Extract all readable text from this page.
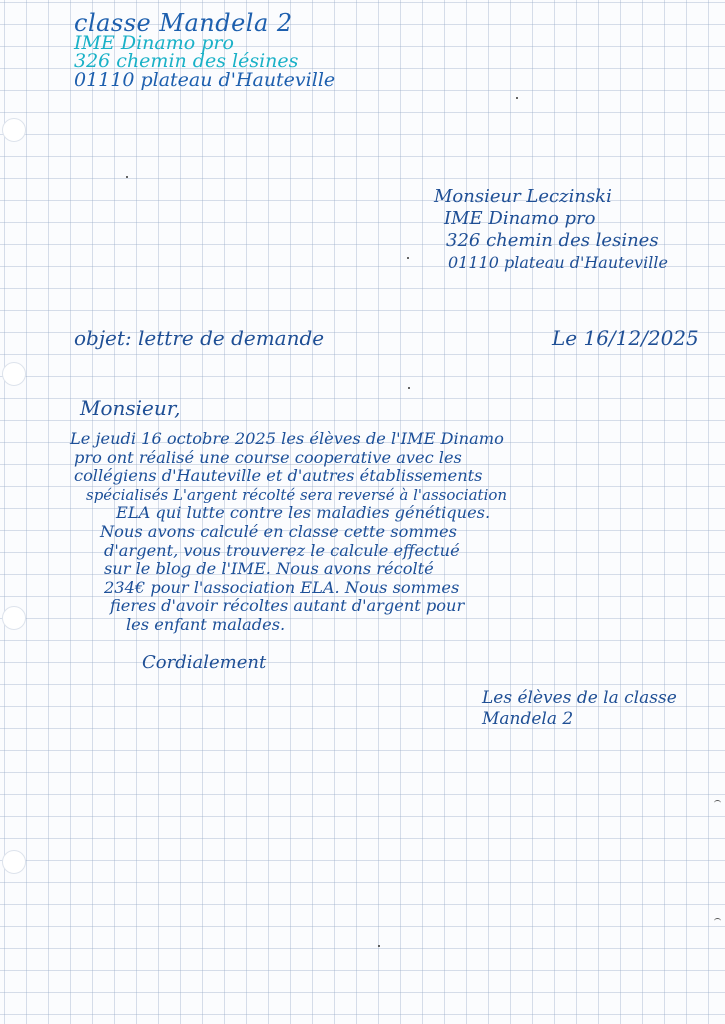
classe Mandela 2
IME Dinamo pro
326 chemin des lésines
01110 plateau d'Hauteville
Monsieur Leczinski
IME Dinamo pro
326 chemin des lesines
01110 plateau d'Hauteville
objet: lettre de demande	Le 16/12/2025
Monsieur,
Le jeudi 16 octobre 2025 les élèves de l'IME Dinamo
pro ont réalisé une course cooperative avec les
collégiens d'Hauteville et d'autres établissements
spécialisés L'argent récolté sera reversé à l'association
ELA qui lutte contre les maladies génétiques.
Nous avons calculé en classe cette sommes
d'argent, vous trouverez le calcule effectué
sur le blog de l'IME. Nous avons récolté
234€ pour l'association ELA. Nous sommes
fieres d'avoir récoltes autant d'argent pour
les enfant malades.
Cordialement
Les élèves de la classe
Mandela 2
